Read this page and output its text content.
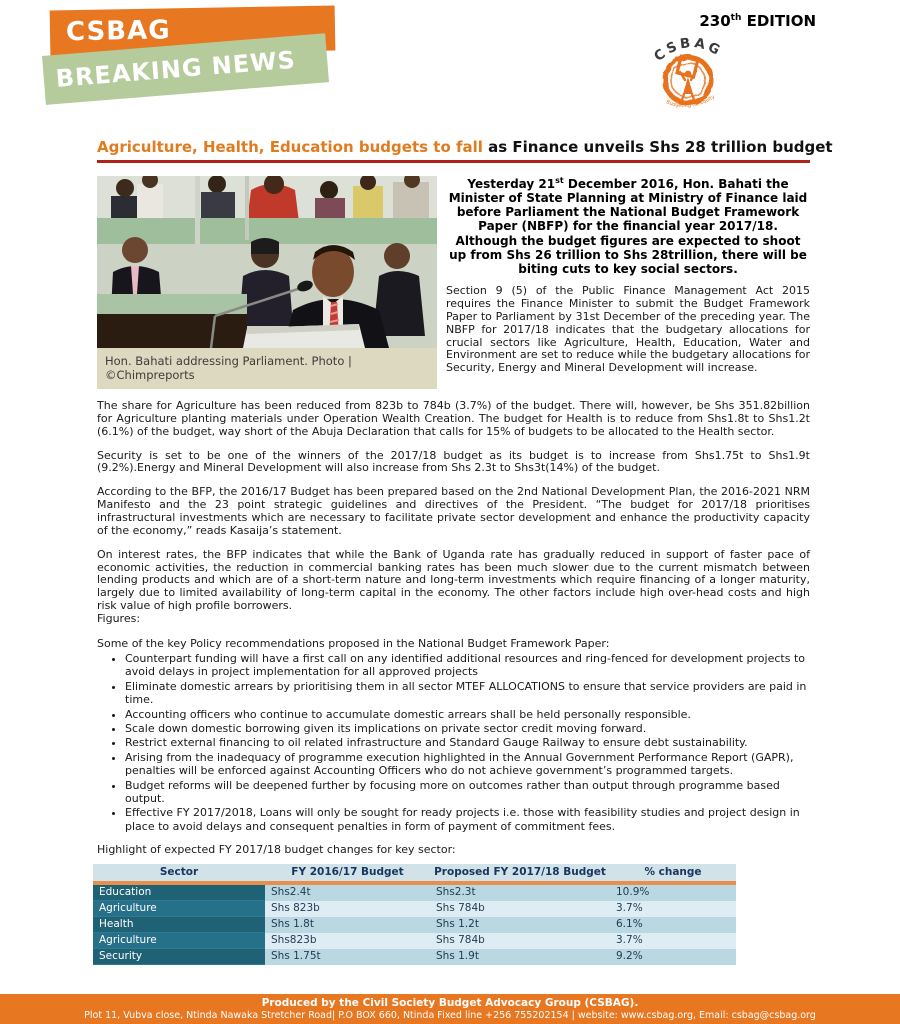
CSBAG
BREAKING NEWS
230th EDITION
CSBAG
Budgeting for equity
Agriculture, Health, Education budgets to fall as Finance unveils Shs 28 trillion budget
Hon. Bahati addressing Parliament. Photo |©Chimpreports

Yesterday 21st December 2016, Hon. Bahati the Minister of State Planning at Ministry of Finance laid before Parliament the National Budget Framework Paper (NBFP) for the financial year 2017/18. Although the budget figures are expected to shoot up from Shs 26 trillion to Shs 28trillion, there will be biting cuts to key social sectors.

Section 9 (5) of the Public Finance Management Act 2015 requires the Finance Minister to submit the Budget Framework Paper to Parliament by 31st December of the preceding year. The NBFP for 2017/18 indicates that the budgetary allocations for crucial sectors like Agriculture, Health, Education, Water and Environment are set to reduce while the budgetary allocations for Security, Energy and Mineral Development will increase.

The share for Agriculture has been reduced from 823b to 784b (3.7%) of the budget. There will, however, be Shs 351.82billion for Agriculture planting materials under Operation Wealth Creation. The budget for Health is to reduce from Shs1.8t to Shs1.2t (6.1%) of the budget, way short of the Abuja Declaration that calls for 15% of budgets to be allocated to the Health sector.

Security is set to be one of the winners of the 2017/18 budget as its budget is to increase from Shs1.75t to Shs1.9t (9.2%).Energy and Mineral Development will also increase from Shs 2.3t to Shs3t(14%) of the budget.

According to the BFP, the 2016/17 Budget has been prepared based on the 2nd National Development Plan, the 2016-2021 NRM Manifesto and the 23 point strategic guidelines and directives of the President. “The budget for 2017/18 prioritises infrastructural investments which are necessary to facilitate private sector development and enhance the productivity capacity of the economy,” reads Kasaija’s statement.

On interest rates, the BFP indicates that while the Bank of Uganda rate has gradually reduced in support of faster pace of economic activities, the reduction in commercial banking rates has been much slower due to the current mismatch between lending products and which are of a short-term nature and long-term investments which require financing of a longer maturity, largely due to limited availability of long-term capital in the economy. The other factors include high over-head costs and high risk value of high profile borrowers.

Figures:
Some of the key Policy recommendations proposed in the National Budget Framework Paper:
• Counterpart funding will have a first call on any identified additional resources and ring-fenced for development projects to avoid delays in project implementation for all approved projects
• Eliminate domestic arrears by prioritising them in all sector MTEF ALLOCATIONS to ensure that service providers are paid in time.
• Accounting officers who continue to accumulate domestic arrears shall be held personally responsible.
• Scale down domestic borrowing given its implications on private sector credit moving forward.
• Restrict external financing to oil related infrastructure and Standard Gauge Railway to ensure debt sustainability.
• Arising from the inadequacy of programme execution highlighted in the Annual Government Performance Report (GAPR), penalties will be enforced against Accounting Officers who do not achieve government’s programmed targets.
• Budget reforms will be deepened further by focusing more on outcomes rather than output through programme based output.
• Effective FY 2017/2018, Loans will only be sought for ready projects i.e. those with feasibility studies and project design in place to avoid delays and consequent penalties in form of payment of commitment fees.
Highlight of expected FY 2017/18 budget changes for key sector:
Sector	FY 2016/17 Budget	Proposed FY 2017/18 Budget	% change
Education	Shs2.4t	Shs2.3t	10.9%
Agriculture	Shs 823b	Shs 784b	3.7%
Health	Shs 1.8t	Shs 1.2t	6.1%
Agriculture	Shs823b	Shs 784b	3.7%
Security	Shs 1.75t	Shs 1.9t	9.2%
Produced by the Civil Society Budget Advocacy Group (CSBAG).
Plot 11, Vubva close, Ntinda Nawaka Stretcher Road| P.O BOX 660, Ntinda Fixed line +256 755202154 | website: www.csbag.org, Email: csbag@csbag.org
